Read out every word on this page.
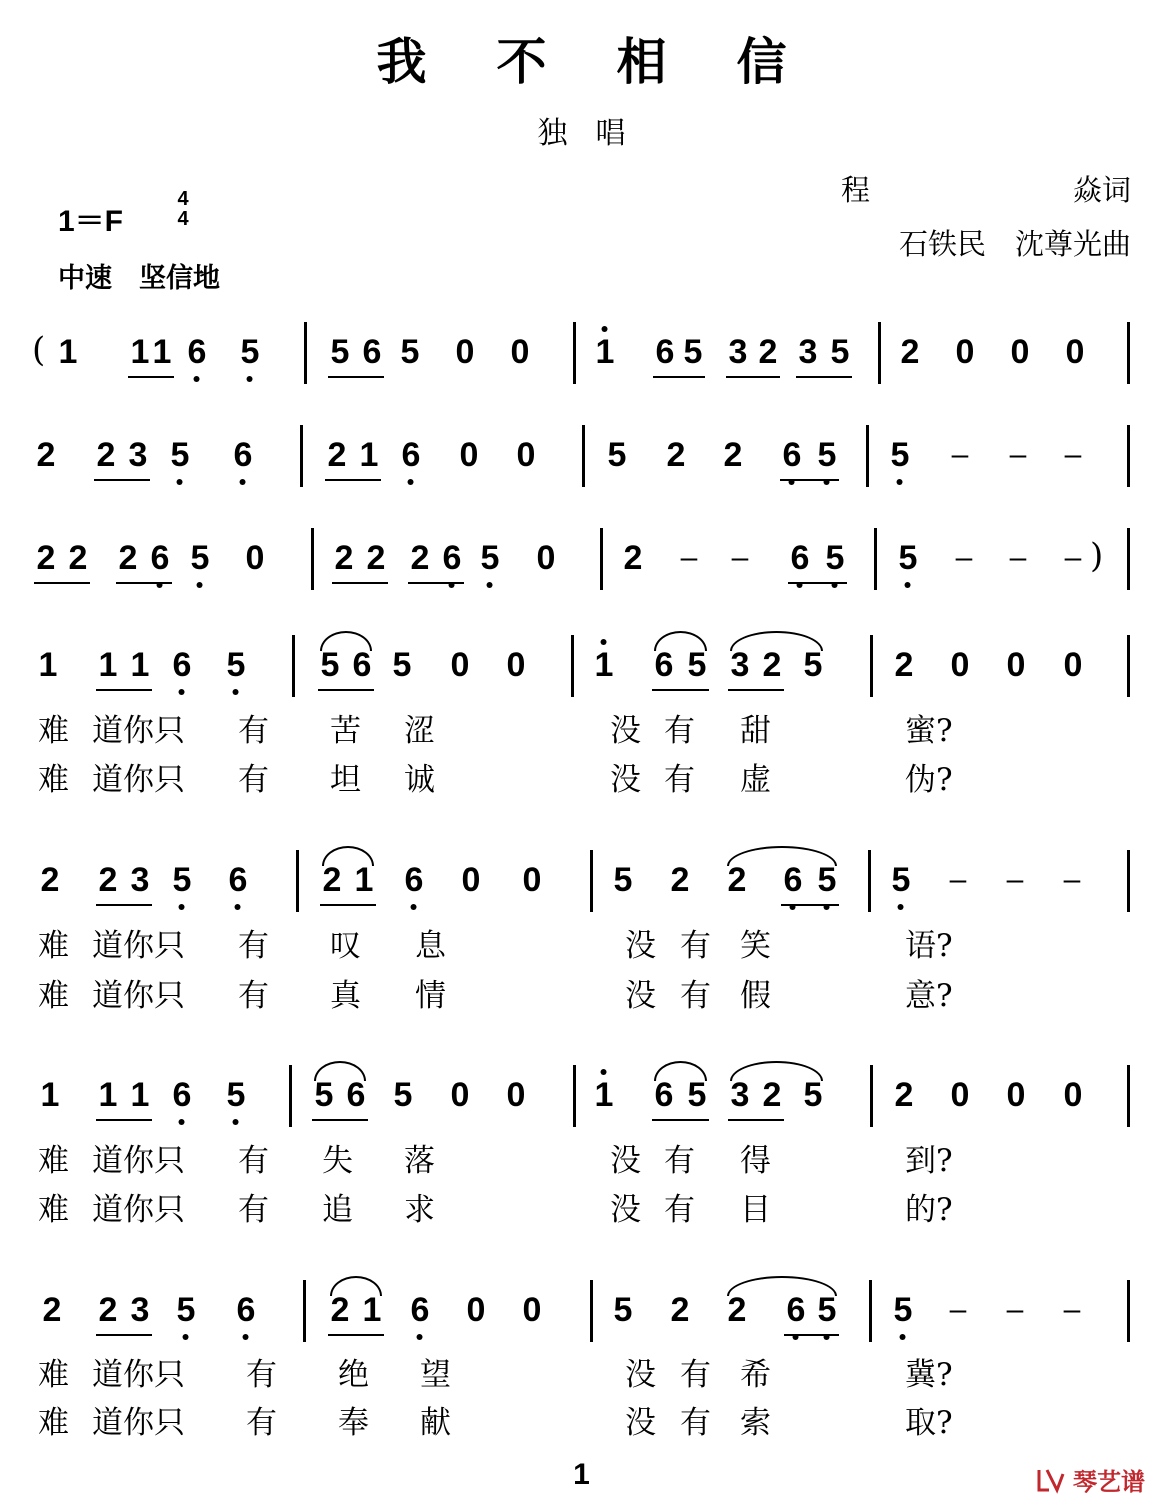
我不相信
独唱
1＝F
4
4
中速　坚信地
程	焱词
石铁民　沈尊光曲
( 1 1 1 6 5 5 6 5 0 0 1 6 5 3 2 3 5 2 0 0 0
2 2 3 5 6 2 1 6 0 0 5 2 2 6 5 5 – – –
2 2 2 6 5 0 2 2 2 6 5 0 2 – – 6 5 5 – – – )
1 1 1 6 5 5 6 5 0 0 1 6 5 3 2 5 2 0 0 0
难 道你只 有 苦 涩	没 有 甜	蜜?
难 道你只 有 坦 诚	没 有 虚	伪?
2 2 3 5 6 2 1 6 0 0 5 2 2 6 5 5 – – –
难 道你只 有 叹 息	没 有 笑	语?
难 道你只 有 真 情	没 有 假	意?
1 1 1 6 5 5 6 5 0 0 1 6 5 3 2 5 2 0 0 0
难 道你只 有 失 落	没 有 得	到?
难 道你只 有 追 求	没 有 目	的?
2 2 3 5 6 2 1 6 0 0 5 2 2 6 5 5 – – –
难 道你只 有 绝 望	没 有 希	冀?
难 道你只 有 奉 献	没 有 索	取?
1	琴艺谱
